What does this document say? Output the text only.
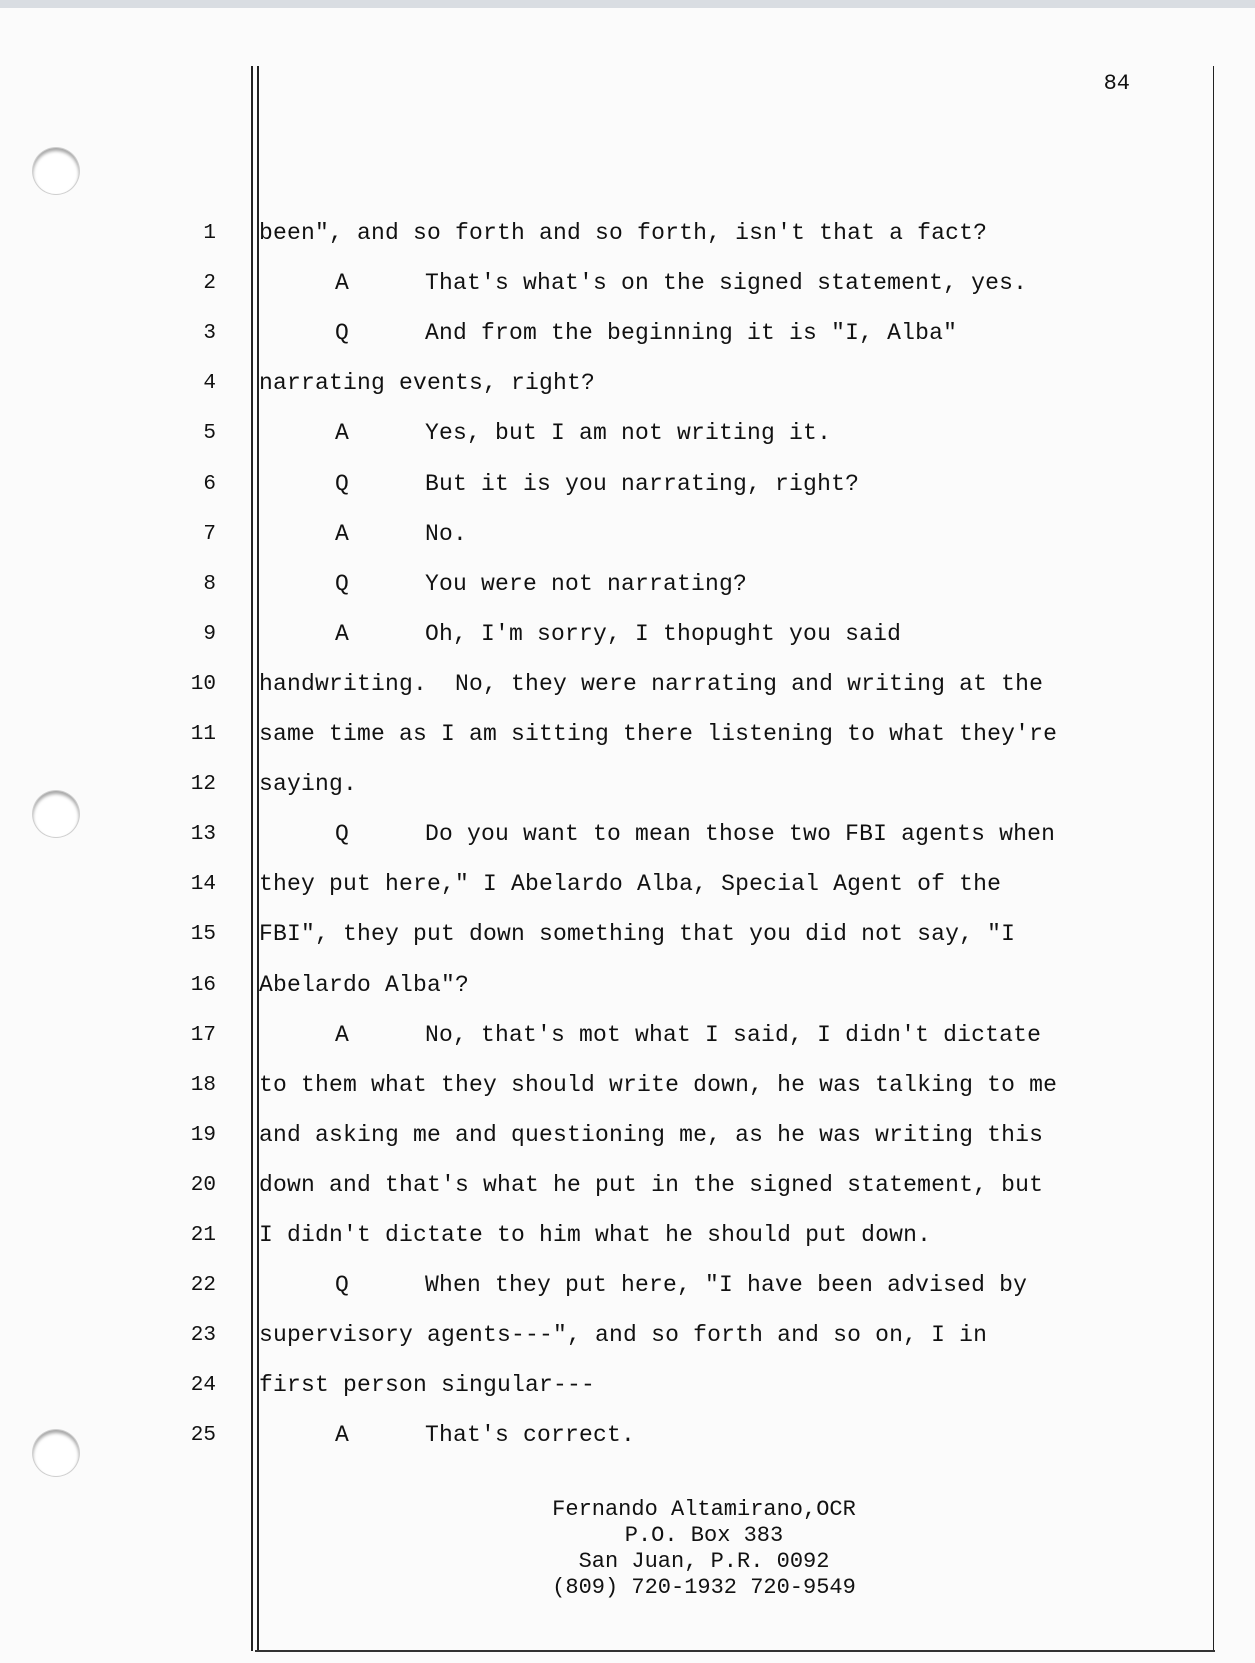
84
1 been", and so forth and so forth, isn't that a fact?
2	A	That's what's on the signed statement, yes.
3	Q	And from the beginning it is "I, Alba"
4 narrating events, right?
5	A	Yes, but I am not writing it.
6	Q	But it is you narrating, right?
7	A	No.
8	Q	You were not narrating?
9	A	Oh, I'm sorry, I thopught you said
10 handwriting.  No, they were narrating and writing at the
11 same time as I am sitting there listening to what they're
12 saying.
13	Q	Do you want to mean those two FBI agents when
14 they put here," I Abelardo Alba, Special Agent of the
15 FBI", they put down something that you did not say, "I
16 Abelardo Alba"?
17	A	No, that's mot what I said, I didn't dictate
18 to them what they should write down, he was talking to me
19 and asking me and questioning me, as he was writing this
20 down and that's what he put in the signed statement, but
21 I didn't dictate to him what he should put down.
22	Q	When they put here, "I have been advised by
23 supervisory agents---", and so forth and so on, I in
24 first person singular---
25	A	That's correct.
Fernando Altamirano,OCR
P.O. Box 383
San Juan, P.R. 0092
(809) 720-1932 720-9549
